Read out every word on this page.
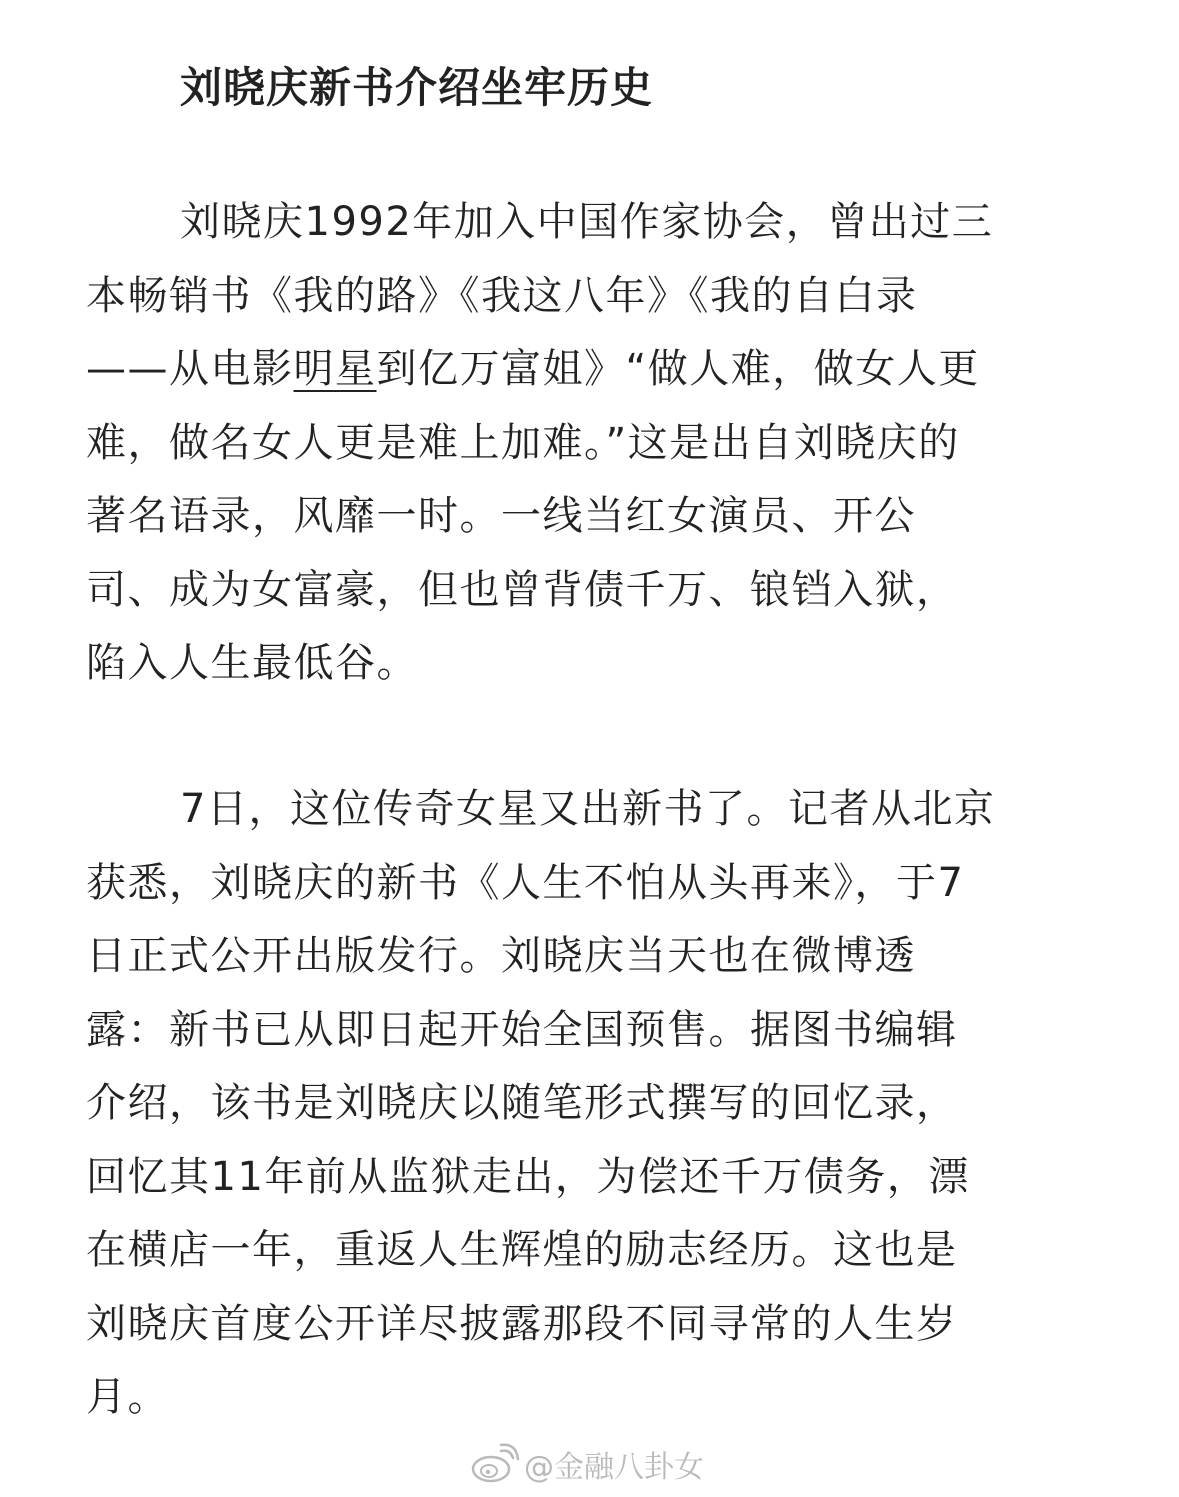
刘晓庆新书介绍坐牢历史
刘晓庆1992年加入中国作家协会，曾出过三
本畅销书《我的路》《我这八年》《我的自白录
——从电影明星到亿万富姐》“做人难，做女人更
难，做名女人更是难上加难。”这是出自刘晓庆的
著名语录，风靡一时。一线当红女演员、开公
司、成为女富豪，但也曾背债千万、锒铛入狱，
陷入人生最低谷。
7日，这位传奇女星又出新书了。记者从北京
获悉，刘晓庆的新书《人生不怕从头再来》，于7
日正式公开出版发行。刘晓庆当天也在微博透
露：新书已从即日起开始全国预售。据图书编辑
介绍，该书是刘晓庆以随笔形式撰写的回忆录，
回忆其11年前从监狱走出，为偿还千万债务，漂
在横店一年，重返人生辉煌的励志经历。这也是
刘晓庆首度公开详尽披露那段不同寻常的人生岁
月。
@金融八卦女
